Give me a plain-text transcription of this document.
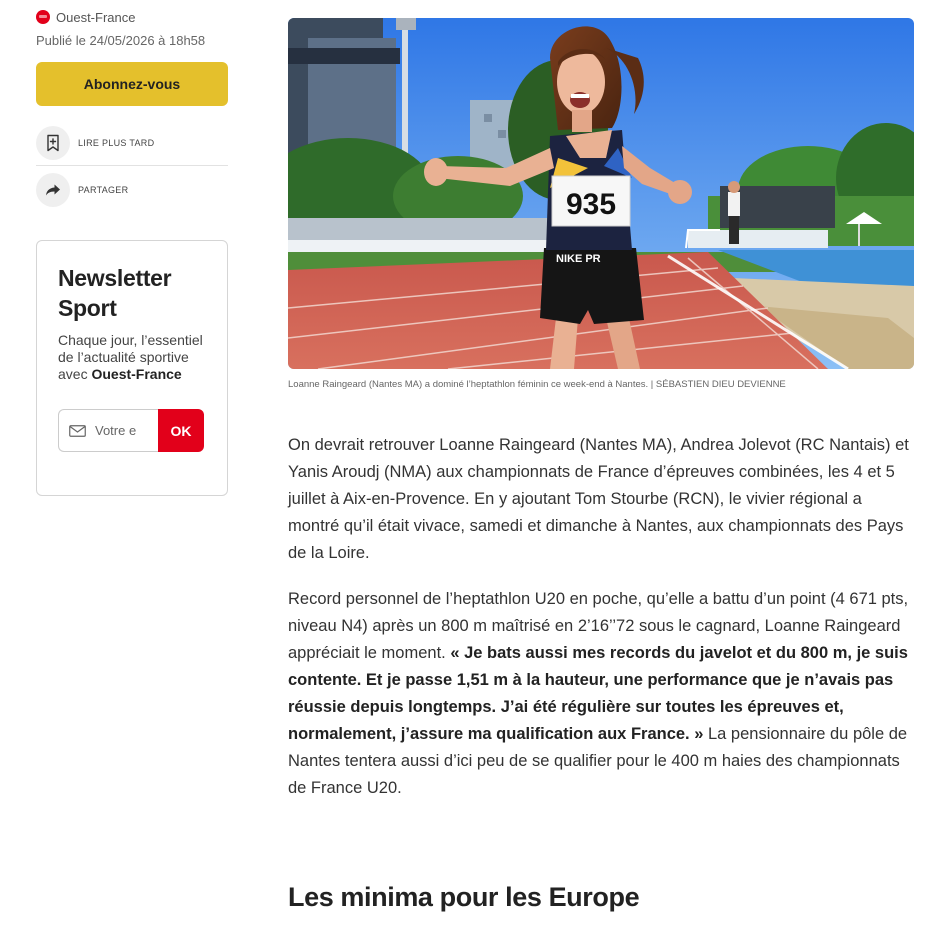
Ouest-France
Publié le 24/05/2026 à 18h58
Abonnez-vous
LIRE PLUS TARD
PARTAGER
Newsletter
Sport

Chaque jour, l’essentiel de l’actualité sportive avec Ouest-France

Votre e
OK
NIKE PR
935

Loanne Raingeard (Nantes MA) a dominé l’heptathlon féminin ce week-end à Nantes. | SÉBASTIEN DIEU DEVIENNE

On devrait retrouver Loanne Raingeard (Nantes MA), Andrea Jolevot (RC Nantais) et Yanis Aroudj (NMA) aux championnats de France d’épreuves combinées, les 4 et 5 juillet à Aix-en-Provence. En y ajoutant Tom Stourbe (RCN), le vivier régional a montré qu’il était vivace, samedi et dimanche à Nantes, aux championnats des Pays de la Loire.

Record personnel de l’heptathlon U20 en poche, qu’elle a battu d’un point (4 671 pts, niveau N4) après un 800 m maîtrisé en 2’16’’72 sous le cagnard, Loanne Raingeard appréciait le moment. « Je bats aussi mes records du javelot et du 800 m, je suis contente. Et je passe 1,51 m à la hauteur, une performance que je n’avais pas réussie depuis longtemps. J’ai été régulière sur toutes les épreuves et, normalement, j’assure ma qualification aux France. » La pensionnaire du pôle de Nantes tentera aussi d’ici peu de se qualifier pour le 400 m haies des championnats de France U20.

Les minima pour les Europe
